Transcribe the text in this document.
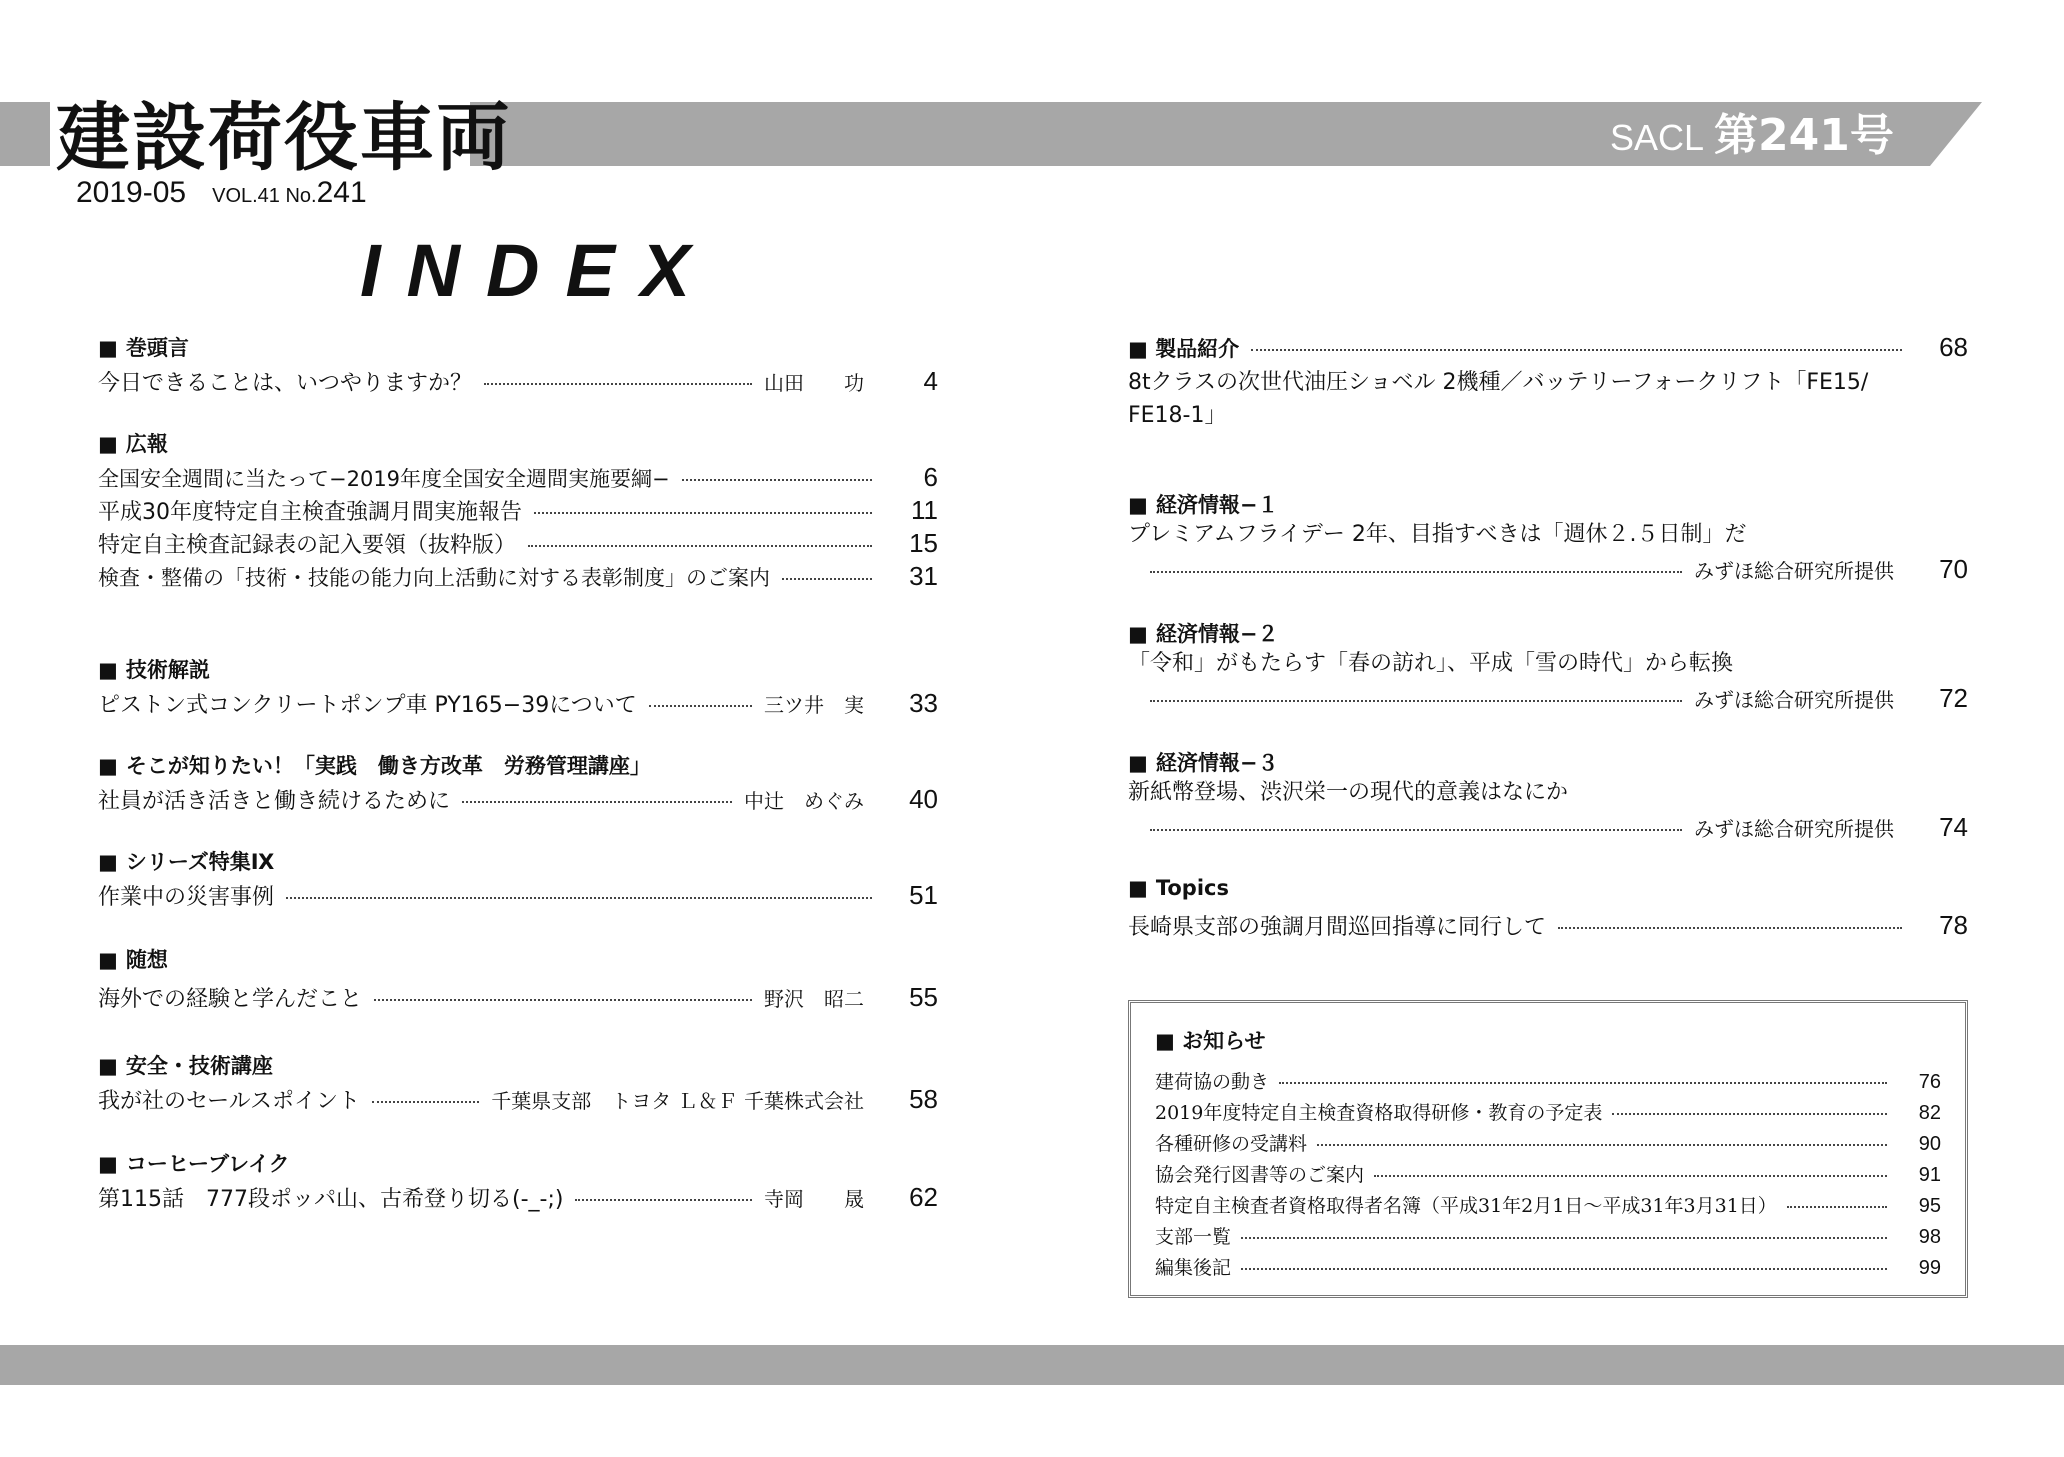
建設荷役車両	SACL 第241号
2019-05 VOL.41 No.241
INDEX
■ 巻頭言
今日できることは、いつやりますか？	山田　　功	4
■ 広報
全国安全週間に当たって−2019年度全国安全週間実施要綱−	6
平成30年度特定自主検査強調月間実施報告	11
特定自主検査記録表の記入要領（抜粋版）	15
検査・整備の「技術・技能の能力向上活動に対する表彰制度」のご案内	31
■ 技術解説
ピストン式コンクリートポンプ車 PY165−39について	三ツ井　実	33
■ そこが知りたい！「実践　働き方改革　労務管理講座」
社員が活き活きと働き続けるために	中辻　めぐみ	40
■ シリーズ特集Ⅸ
作業中の災害事例	51
■ 随想
海外での経験と学んだこと	野沢　昭二	55
■ 安全・技術講座
我が社のセールスポイント	千葉県支部　トヨタ Ｌ＆Ｆ 千葉株式会社	58
■ コーヒーブレイク
第115話　777段ポッパ山、古希登り切る(-_-;)	寺岡　　晟	62
■ 製品紹介	68
8tクラスの次世代油圧ショベル 2機種／バッテリーフォークリフト「FE15/
FE18-1」
■ 経済情報−１
プレミアムフライデー 2年、目指すべきは「週休２.５日制」だ
みずほ総合研究所提供	70
■ 経済情報−２
「令和」がもたらす「春の訪れ」、平成「雪の時代」から転換
みずほ総合研究所提供	72
■ 経済情報−３
新紙幣登場、渋沢栄一の現代的意義はなにか
みずほ総合研究所提供	74
■ Topics
長崎県支部の強調月間巡回指導に同行して	78
■ お知らせ
建荷協の動き	76
2019年度特定自主検査資格取得研修・教育の予定表	82
各種研修の受講料	90
協会発行図書等のご案内	91
特定自主検査者資格取得者名簿（平成31年2月1日〜平成31年3月31日）	95
支部一覧	98
編集後記	99
